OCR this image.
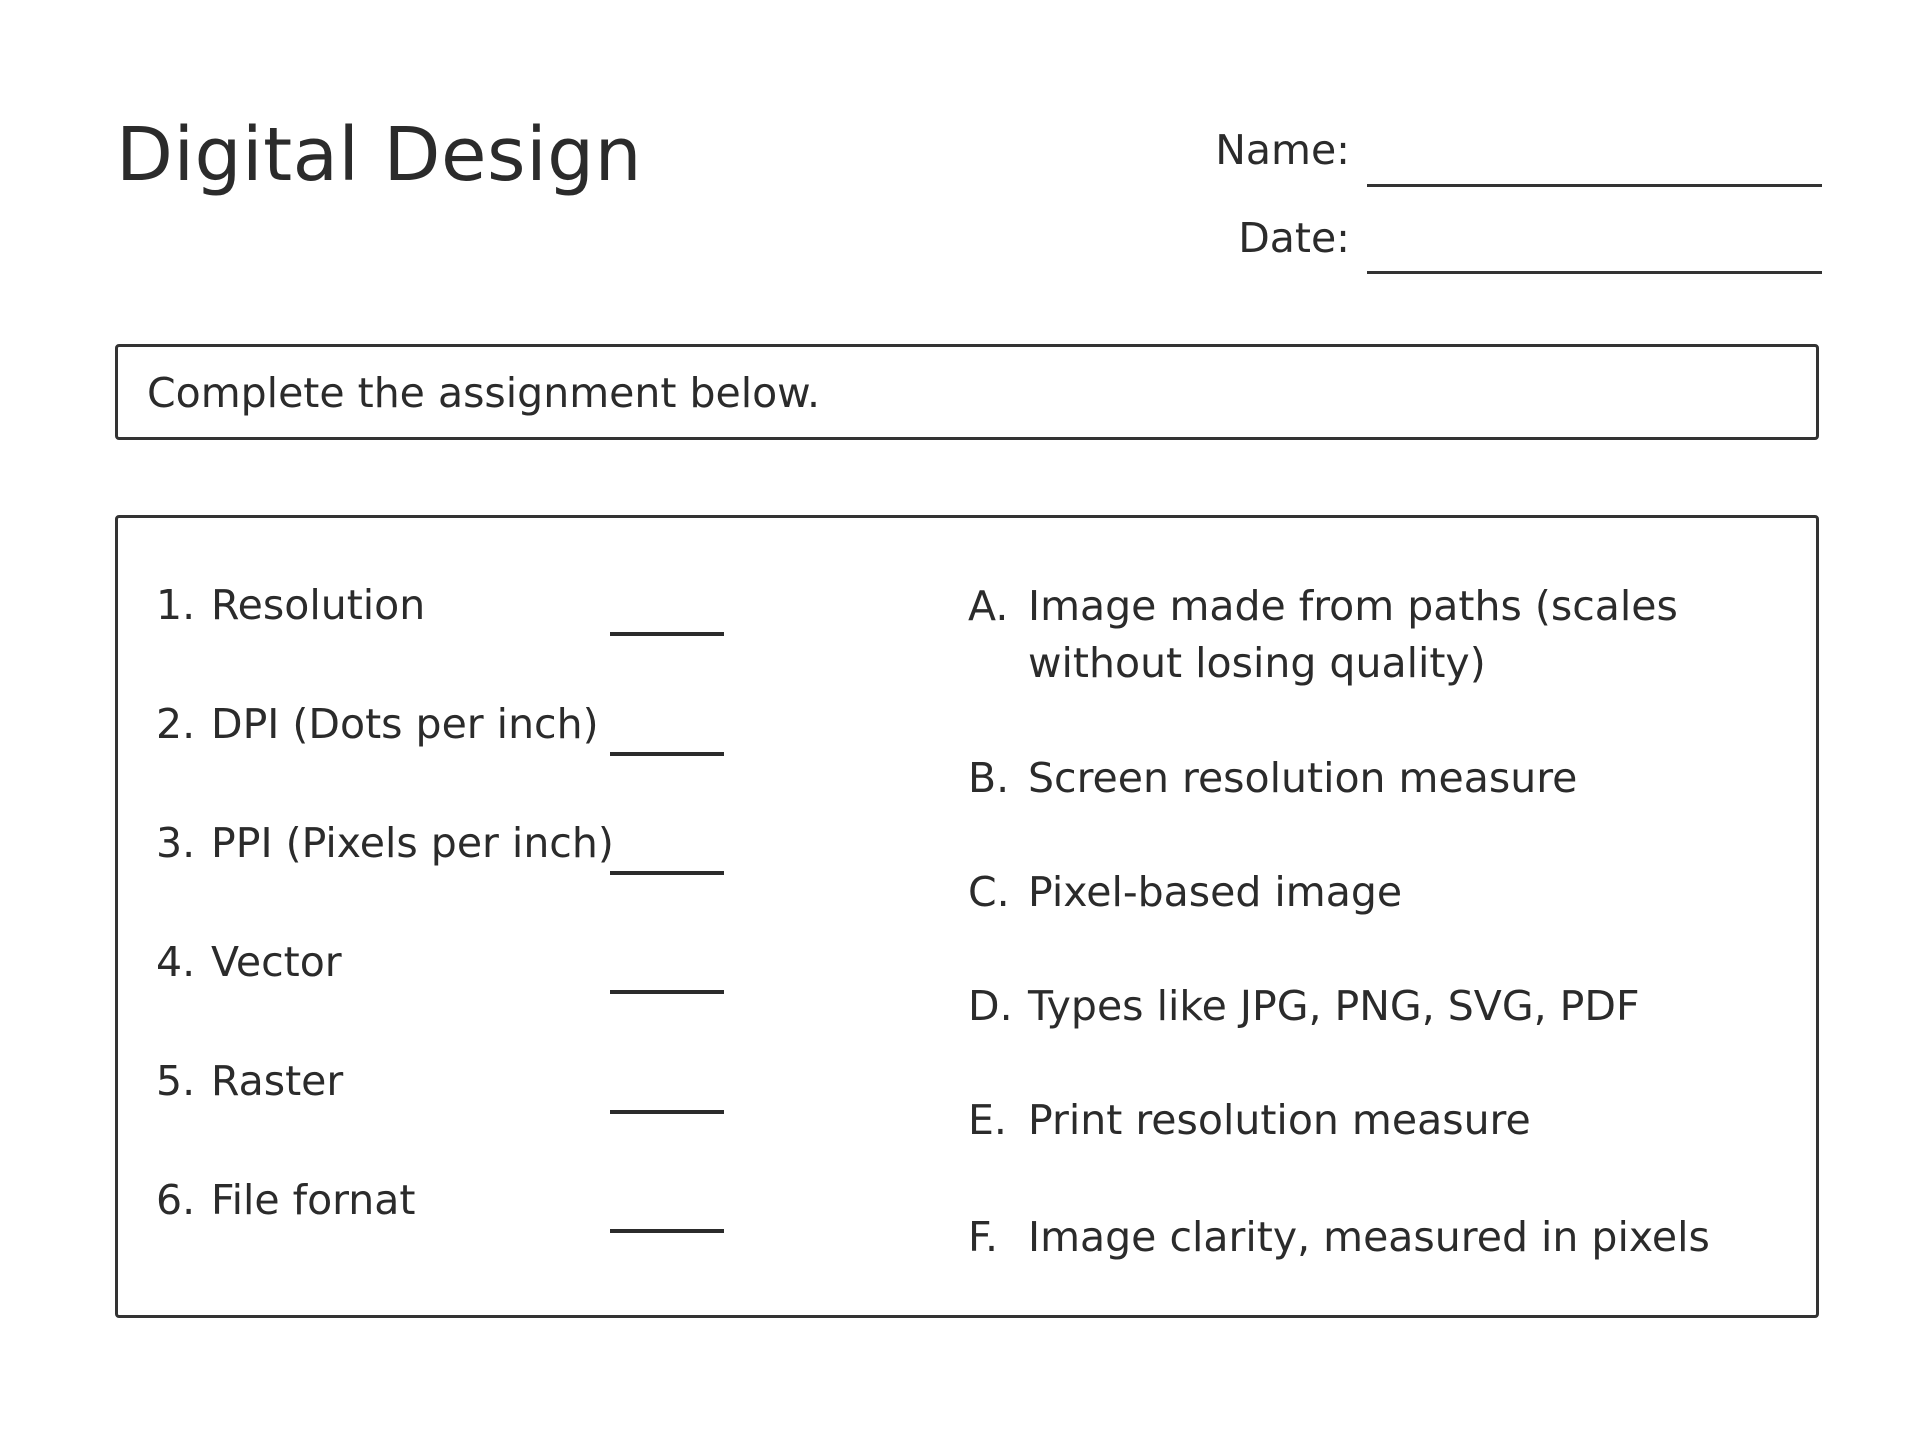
Digital Design	Name:
Date:
Complete the assignment below.
1. Resolution
2. DPI (Dots per inch)
3. PPI (Pixels per inch)
4. Vector
5. Raster
6. File fornat
A. Image made from paths (scales without losing quality)
B. Screen resolution measure
C. Pixel-based image
D. Types like JPG, PNG, SVG, PDF
E. Print resolution measure
F. Image clarity, measured in pixels
